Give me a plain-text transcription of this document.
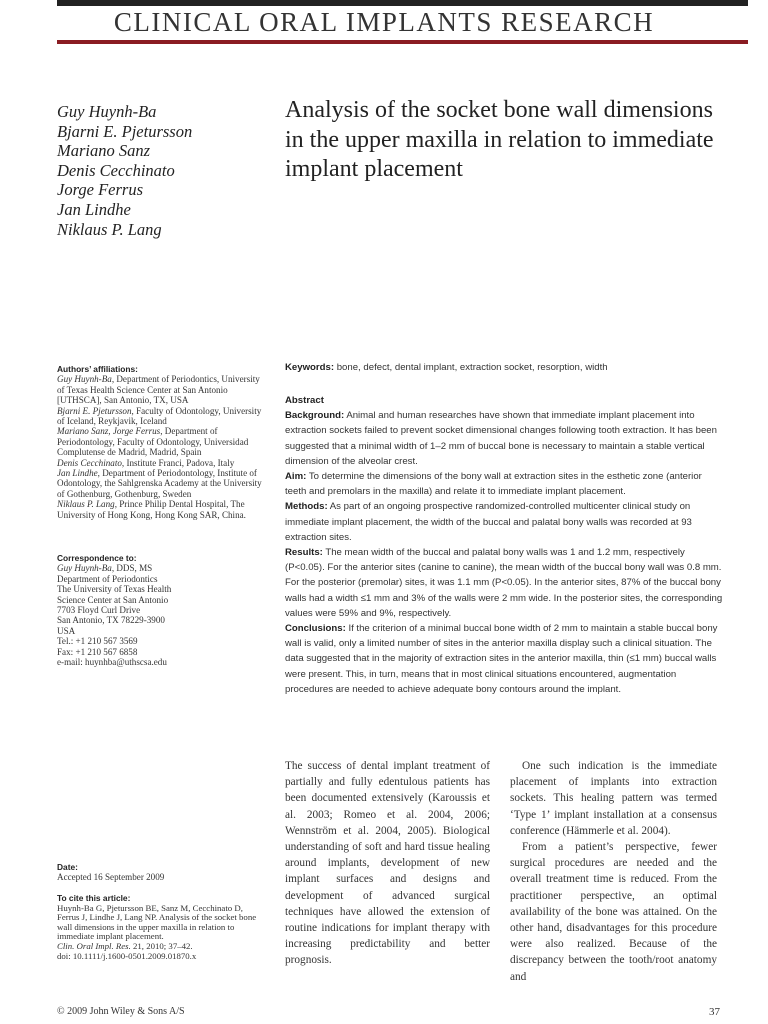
CLINICAL ORAL IMPLANTS RESEARCH
Guy Huynh-Ba
Bjarni E. Pjetursson
Mariano Sanz
Denis Cecchinato
Jorge Ferrus
Jan Lindhe
Niklaus P. Lang
Analysis of the socket bone wall dimensions in the upper maxilla in relation to immediate implant placement

Authors’ affiliations:

Guy Huynh-Ba, Department of Periodontics, University of Texas Health Science Center at San Antonio [UTHSCA], San Antonio, TX, USA

Bjarni E. Pjetursson, Faculty of Odontology, University of Iceland, Reykjavik, Iceland

Mariano Sanz, Jorge Ferrus, Department of Periodontology, Faculty of Odontology, Universidad Complutense de Madrid, Madrid, Spain

Denis Cecchinato, Institute Franci, Padova, Italy

Jan Lindhe, Department of Periodontology, Institute of Odontology, the Sahlgrenska Academy at the University of Gothenburg, Gothenburg, Sweden

Niklaus P. Lang, Prince Philip Dental Hospital, The University of Hong Kong, Hong Kong SAR, China.

Correspondence to:

Guy Huynh-Ba, DDS, MS

Department of Periodontics

The University of Texas Health

Science Center at San Antonio

7703 Floyd Curl Drive

San Antonio, TX 78229-3900

USA

Tel.: +1 210 567 3569

Fax: +1 210 567 6858

e-mail: huynhba@uthscsa.edu

Date:

Accepted 16 September 2009

To cite this article:

Huynh-Ba G, Pjetursson BE, Sanz M, Cecchinato D, Ferrus J, Lindhe J, Lang NP. Analysis of the socket bone wall dimensions in the upper maxilla in relation to immediate implant placement.

Clin. Oral Impl. Res. 21, 2010; 37–42.

doi: 10.1111/j.1600-0501.2009.01870.x

Keywords: bone, defect, dental implant, extraction socket, resorption, width

Abstract

Background: Animal and human researches have shown that immediate implant placement into extraction sockets failed to prevent socket dimensional changes following tooth extraction. It has been suggested that a minimal width of 1–2 mm of buccal bone is necessary to maintain a stable vertical dimension of the alveolar crest.

Aim: To determine the dimensions of the bony wall at extraction sites in the esthetic zone (anterior teeth and premolars in the maxilla) and relate it to immediate implant placement.

Methods: As part of an ongoing prospective randomized-controlled multicenter clinical study on immediate implant placement, the width of the buccal and palatal bony walls was recorded at 93 extraction sites.

Results: The mean width of the buccal and palatal bony walls was 1 and 1.2 mm, respectively (P<0.05). For the anterior sites (canine to canine), the mean width of the buccal bony wall was 0.8 mm. For the posterior (premolar) sites, it was 1.1 mm (P<0.05). In the anterior sites, 87% of the buccal bony walls had a width ≤1 mm and 3% of the walls were 2 mm wide. In the posterior sites, the corresponding values were 59% and 9%, respectively.

Conclusions: If the criterion of a minimal buccal bone width of 2 mm to maintain a stable buccal bony wall is valid, only a limited number of sites in the anterior maxilla display such a clinical situation. The data suggested that in the majority of extraction sites in the anterior maxilla, thin (≤1 mm) buccal walls were present. This, in turn, means that in most clinical situations encountered, augmentation procedures are needed to achieve adequate bony contours around the implant.

The success of dental implant treatment of partially and fully edentulous patients has been documented extensively (Karoussis et al. 2003; Romeo et al. 2004, 2006; Wennström et al. 2004, 2005). Biological understanding of soft and hard tissue healing around implants, development of new implant surfaces and designs and development of advanced surgical techniques have allowed the extension of routine indications for implant therapy with increasing predictability and better prognosis.

One such indication is the immediate placement of implants into extraction sockets. This healing pattern was termed ‘Type 1’ implant installation at a consensus conference (Hämmerle et al. 2004).

From a patient’s perspective, fewer surgical procedures are needed and the overall treatment time is reduced. From the practitioner perspective, an optimal availability of the bone was attained. On the other hand, disadvantages for this procedure were also realized. Because of the discrepancy between the tooth/root anatomy and

© 2009 John Wiley & Sons A/S	37
